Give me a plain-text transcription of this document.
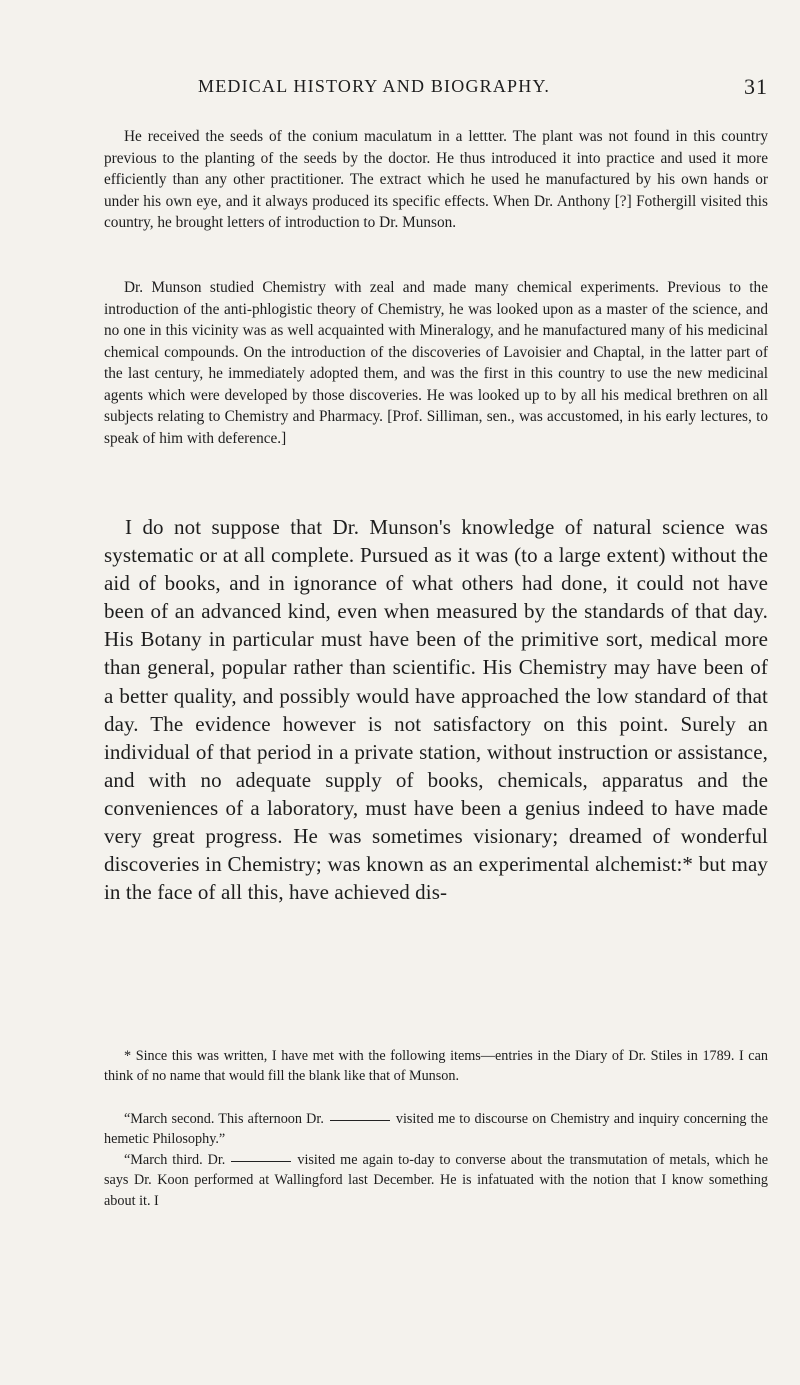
MEDICAL HISTORY AND BIOGRAPHY.	31

He received the seeds of the conium maculatum in a lettter. The plant was not found in this country previous to the planting of the seeds by the doctor. He thus introduced it into practice and used it more efficiently than any other practitioner. The extract which he used he manufactured by his own hands or under his own eye, and it always produced its specific effects. When Dr. Anthony [?] Fothergill visited this country, he brought letters of introduction to Dr. Munson.

Dr. Munson studied Chemistry with zeal and made many chemical experiments. Previous to the introduction of the anti-phlogistic theory of Chemistry, he was looked upon as a master of the science, and no one in this vicinity was as well acquainted with Mineralogy, and he manufactured many of his medicinal chemical compounds. On the introduction of the discoveries of Lavoisier and Chaptal, in the latter part of the last century, he immediately adopted them, and was the first in this country to use the new medicinal agents which were developed by those discoveries. He was looked up to by all his medical brethren on all subjects relating to Chemistry and Pharmacy. [Prof. Silliman, sen., was accustomed, in his early lectures, to speak of him with deference.]

I do not suppose that Dr. Munson's knowledge of natural science was systematic or at all complete. Pursued as it was (to a large extent) without the aid of books, and in ignorance of what others had done, it could not have been of an advanced kind, even when measured by the standards of that day. His Botany in particular must have been of the primitive sort, medical more than general, popular rather than scientific. His Chemistry may have been of a better quality, and possibly would have approached the low standard of that day. The evidence however is not satisfactory on this point. Surely an individual of that period in a private station, without instruction or assistance, and with no adequate supply of books, chemicals, apparatus and the conveniences of a laboratory, must have been a genius indeed to have made very great progress. He was sometimes visionary; dreamed of wonderful discoveries in Chemistry; was known as an experimental alchemist:* but may in the face of all this, have achieved dis-

* Since this was written, I have met with the following items—entries in the Diary of Dr. Stiles in 1789. I can think of no name that would fill the blank like that of Munson.

“March second. This afternoon Dr.	visited me to discourse on Chemistry and inquiry concerning the hemetic Philosophy.”

“March third. Dr.	visited me again to-day to converse about the transmutation of metals, which he says Dr. Koon performed at Wallingford last December. He is infatuated with the notion that I know something about it. I
